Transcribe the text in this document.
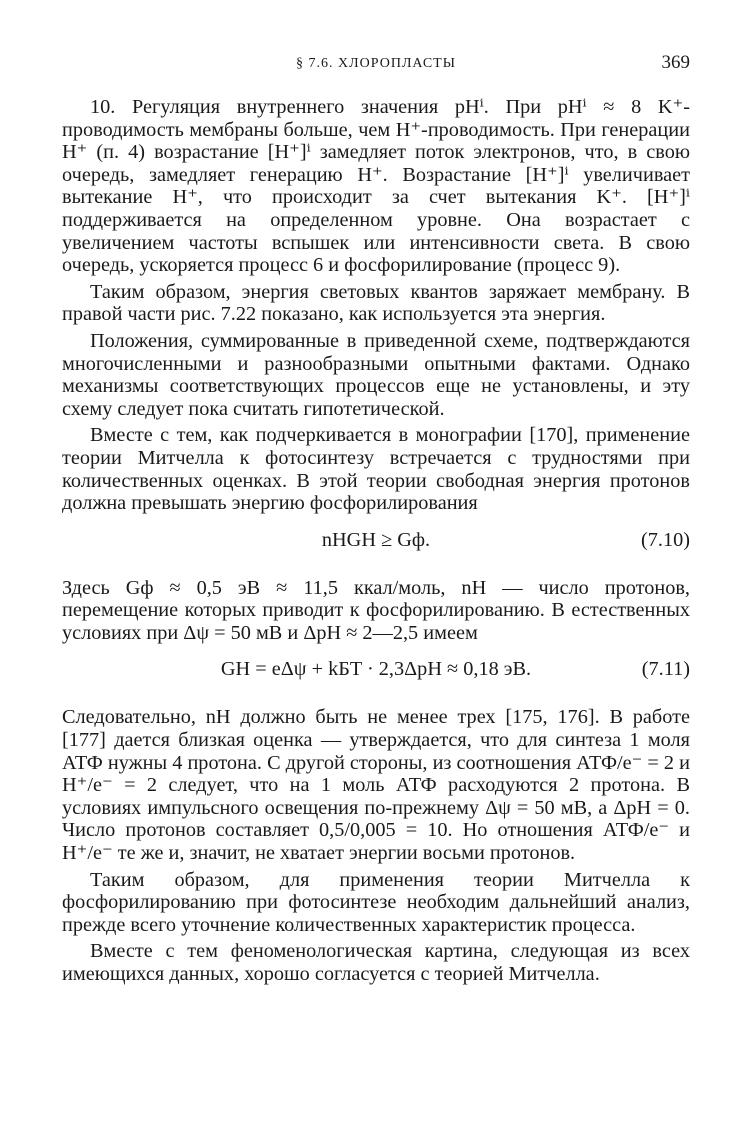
§ 7.6. ХЛОРОПЛАСТЫ	369

10. Регуляция внутреннего значения pHⁱ. При pHⁱ ≈ 8 K⁺-проводимость мембраны больше, чем H⁺-проводимость. При генерации H⁺ (п. 4) возрастание [H⁺]ⁱ замедляет поток электронов, что, в свою очередь, замедляет генерацию H⁺. Возрастание [H⁺]ⁱ увеличивает вытекание H⁺, что происходит за счет вытекания K⁺. [H⁺]ⁱ поддерживается на определенном уровне. Она возрастает с увеличением частоты вспышек или интенсивности света. В свою очередь, ускоряется процесс 6 и фосфорилирование (процесс 9).

Таким образом, энергия световых квантов заряжает мембрану. В правой части рис. 7.22 показано, как используется эта энергия.

Положения, суммированные в приведенной схеме, подтверждаются многочисленными и разнообразными опытными фактами. Однако механизмы соответствующих процессов еще не установлены, и эту схему следует пока считать гипотетической.

Вместе с тем, как подчеркивается в монографии [170], применение теории Митчелла к фотосинтезу встречается с трудностями при количественных оценках. В этой теории свободная энергия протонов должна превышать энергию фосфорилирования

nHGH ≥ Gф.	(7.10)

Здесь Gф ≈ 0,5 эВ ≈ 11,5 ккал/моль, nH — число протонов, перемещение которых приводит к фосфорилированию. В естественных условиях при Δψ = 50 мВ и ΔpH ≈ 2—2,5 имеем

GH = eΔψ + kБT · 2,3ΔpH ≈ 0,18 эВ.	(7.11)

Следовательно, nH должно быть не менее трех [175, 176]. В работе [177] дается близкая оценка — утверждается, что для синтеза 1 моля АТФ нужны 4 протона. С другой стороны, из соотношения АТФ/e⁻ = 2 и H⁺/e⁻ = 2 следует, что на 1 моль АТФ расходуются 2 протона. В условиях импульсного освещения по-прежнему Δψ = 50 мВ, а ΔpH = 0. Число протонов составляет 0,5/0,005 = 10. Но отношения АТФ/e⁻ и H⁺/e⁻ те же и, значит, не хватает энергии восьми протонов.

Таким образом, для применения теории Митчелла к фосфорилированию при фотосинтезе необходим дальнейший анализ, прежде всего уточнение количественных характеристик процесса.

Вместе с тем феноменологическая картина, следующая из всех имеющихся данных, хорошо согласуется с теорией Митчелла.
